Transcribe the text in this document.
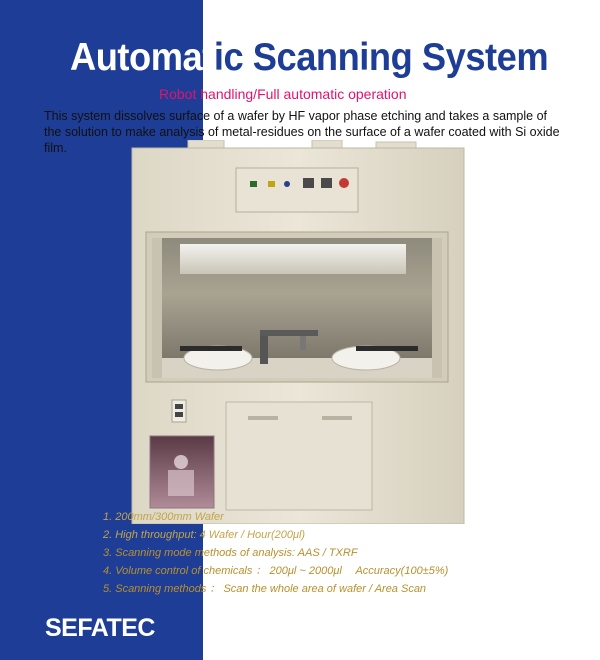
Automatic Scanning System
Robot handling/Full automatic operation
This system dissolves surface of a wafer by HF vapor phase etching and takes a sample of the solution to make analysis of metal-residues on the surface of a wafer coated with Si oxide film.
1. 200mm/300mm Wafer
2. High throughput: 4 Wafer / Hour(200μl)
3. Scanning mode methods of analysis: AAS / TXRF
4. Volume control of chemicals ： 200μl ~ 2000μl　 Accuracy(100±5%)
5. Scanning methods ： Scan the whole area of wafer / Area Scan
SEFATEC
